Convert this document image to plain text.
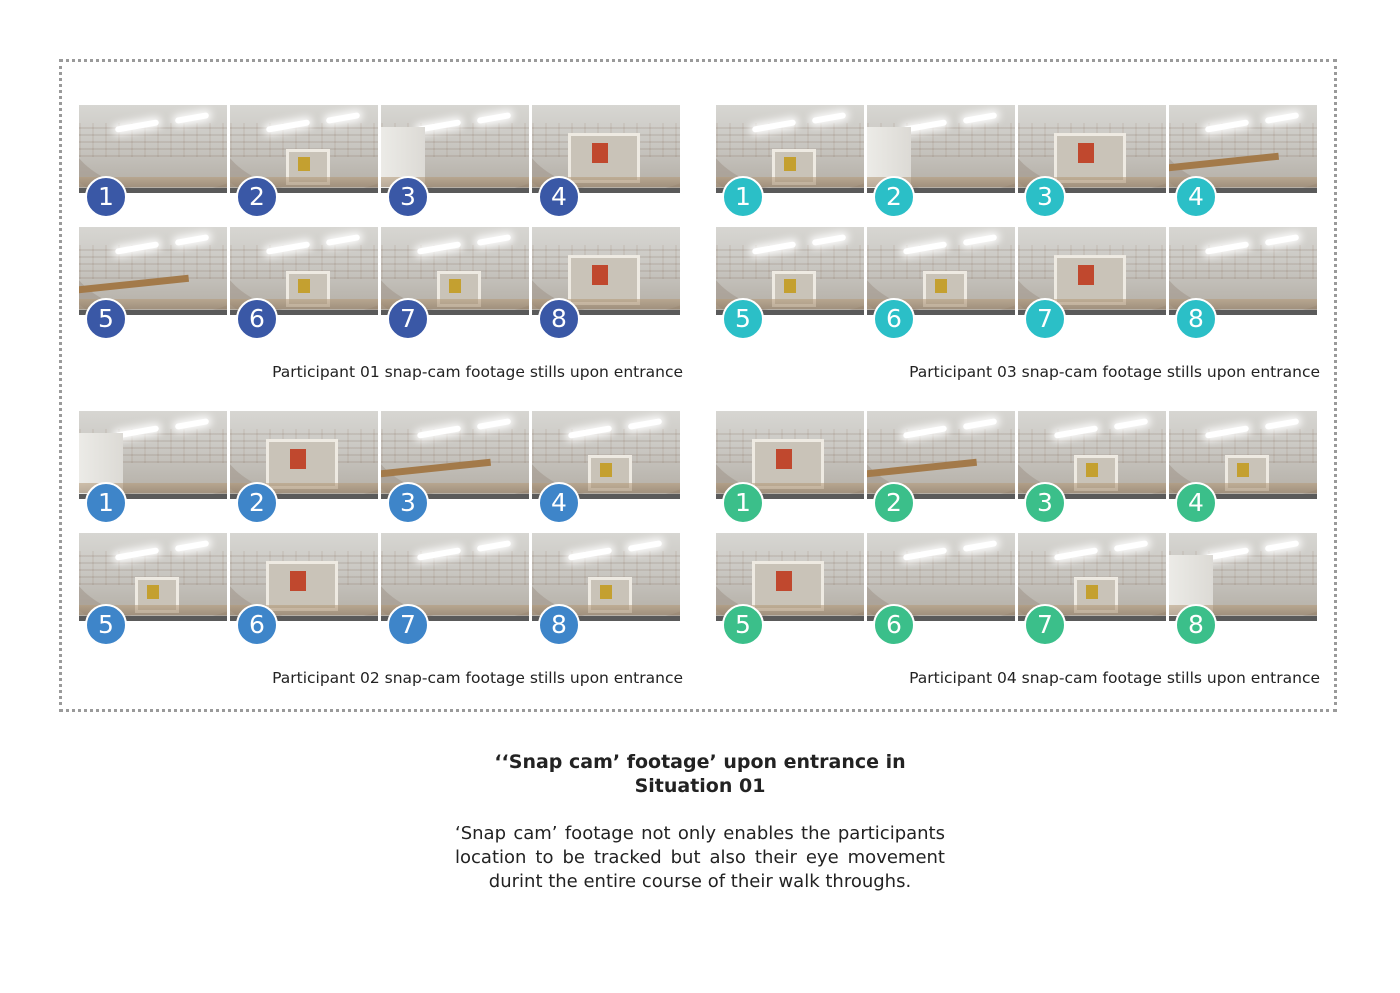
1	2	3	4
5	6	7	8
Participant 01 snap-cam footage stills upon entrance
1	2	3	4
5	6	7	8
Participant 03 snap-cam footage stills upon entrance
1	2	3	4
5	6	7	8
Participant 02 snap-cam footage stills upon entrance
1	2	3	4
5	6	7	8
Participant 04 snap-cam footage stills upon entrance
‘‘Snap cam’ footage’ upon entrance in Situation 01
‘Snap cam’ footage not only enables the participants location to be tracked but also their eye movement durint the entire course of their walk throughs.
